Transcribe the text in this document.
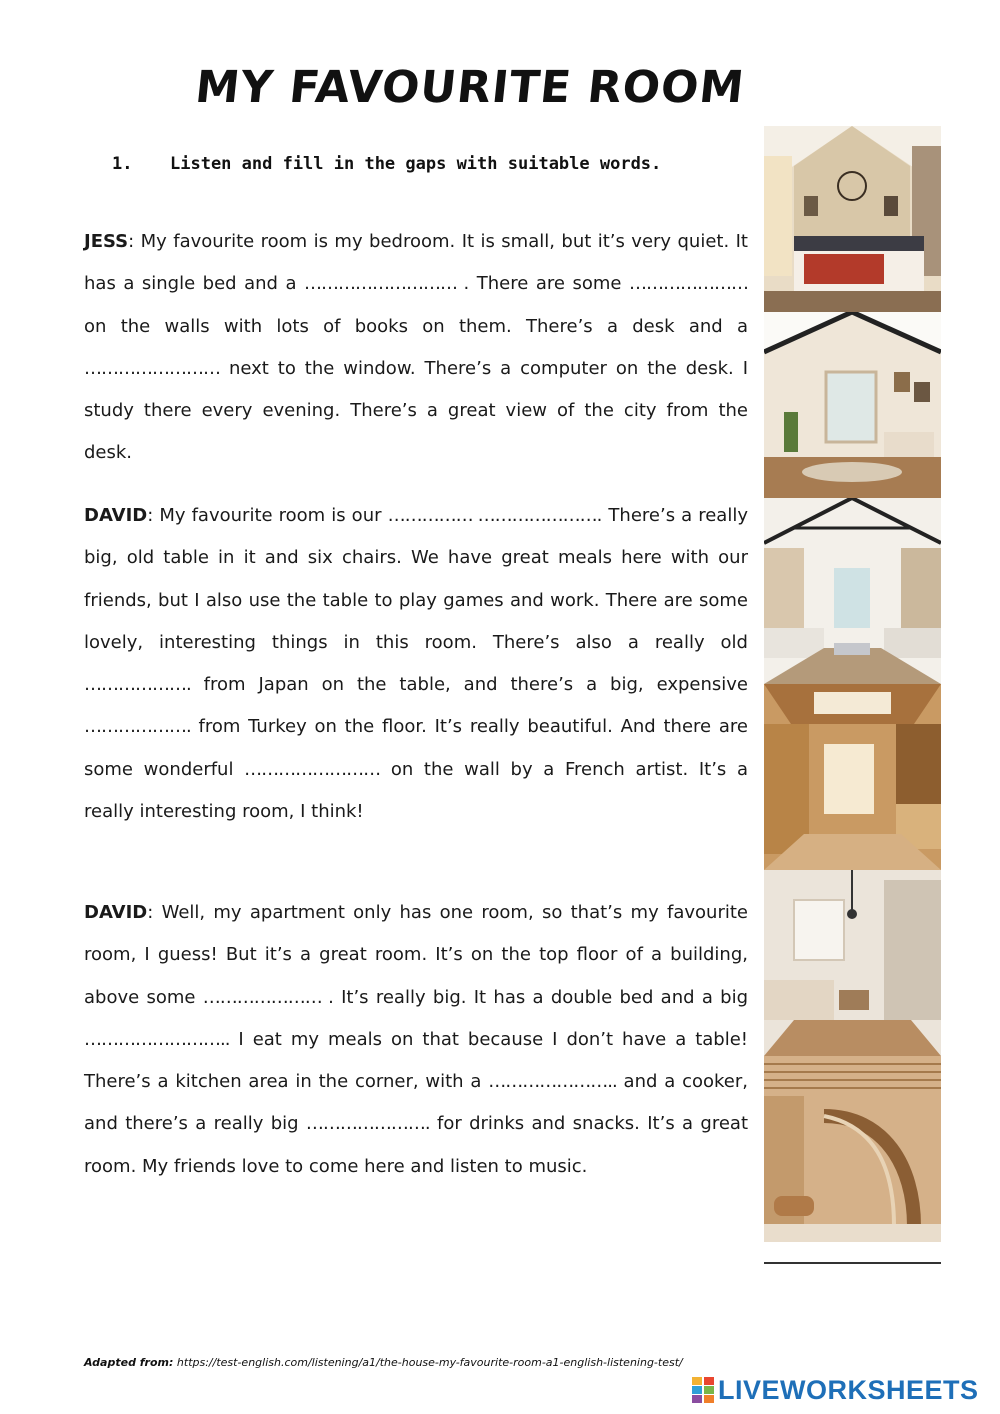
MY FAVOURITE ROOM
1. Listen and fill in the gaps with suitable words.
JESS: My favourite room is my bedroom. It is small, but it’s very quiet. It has a single bed and a ……………………… . There are some ………………… on the walls with lots of books on them. There’s a desk and a …………………… next to the window. There’s a computer on the desk. I study there every evening. There’s a great view of the city from the desk.
DAVID: My favourite room is our …………… …………………. There’s a really big, old table in it and six chairs. We have great meals here with our friends, but I also use the table to play games and work. There are some lovely, interesting things in this room. There’s also a really old ………………. from Japan on the table, and there’s a big, expensive ………………. from Turkey on the floor. It’s really beautiful. And there are some wonderful …………………… on the wall by a French artist. It’s a really interesting room, I think!
DAVID: Well, my apartment only has one room, so that’s my favourite room, I guess! But it’s a great room. It’s on the top floor of a building, above some ………………… . It’s really big. It has a double bed and a big …………………….. I eat my meals on that because I don’t have a table! There’s a kitchen area in the corner, with a ………………….. and a cooker, and there’s a really big …………………. for drinks and snacks. It’s a great room. My friends love to come here and listen to music.
Adapted from: https://test-english.com/listening/a1/the-house-my-favourite-room-a1-english-listening-test/
LIVEWORKSHEETS
